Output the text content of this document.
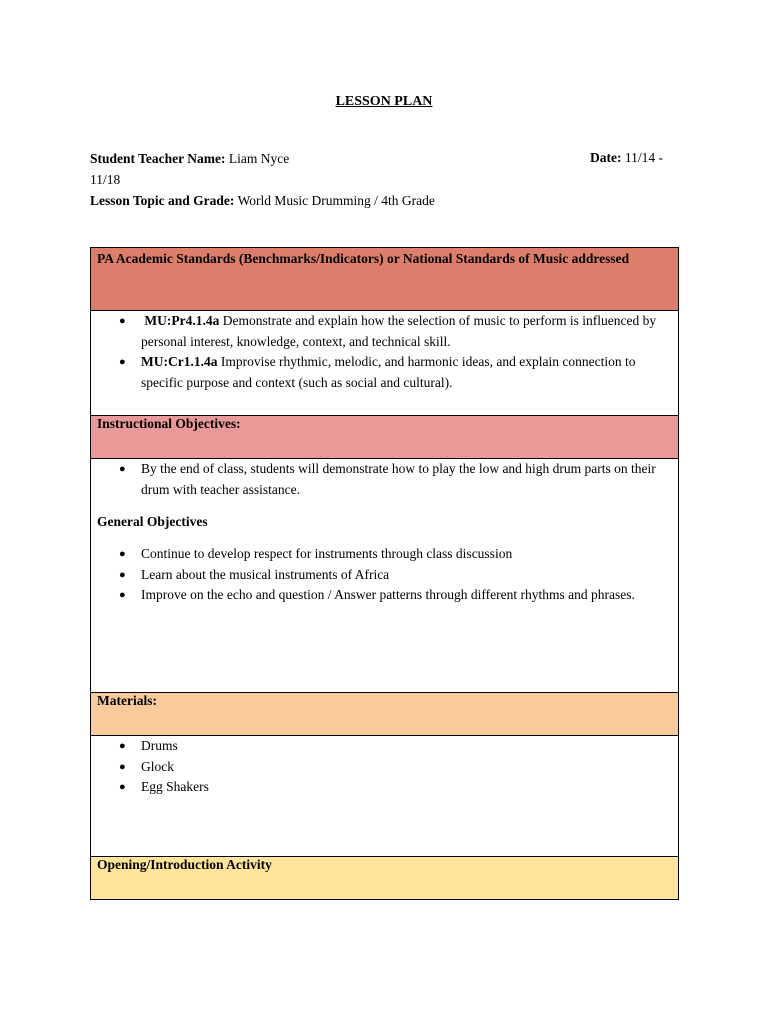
LESSON PLAN
Student Teacher Name: Liam Nyce	Date: 11/14 -
11/18
Lesson Topic and Grade: World Music Drumming / 4th Grade
PA Academic Standards (Benchmarks/Indicators) or National Standards of Music addressed

● MU:Pr4.1.4a Demonstrate and explain how the selection of music to perform is influenced by personal interest, knowledge, context, and technical skill.
● MU:Cr1.1.4a Improvise rhythmic, melodic, and harmonic ideas, and explain connection to specific purpose and context (such as social and cultural).

Instructional Objectives:

● By the end of class, students will demonstrate how to play the low and high drum parts on their drum with teacher assistance.
General Objectives
● Continue to develop respect for instruments through class discussion
● Learn about the musical instruments of Africa
● Improve on the echo and question / Answer patterns through different rhythms and phrases.

Materials:

● Drums
● Glock
● Egg Shakers

Opening/Introduction Activity
